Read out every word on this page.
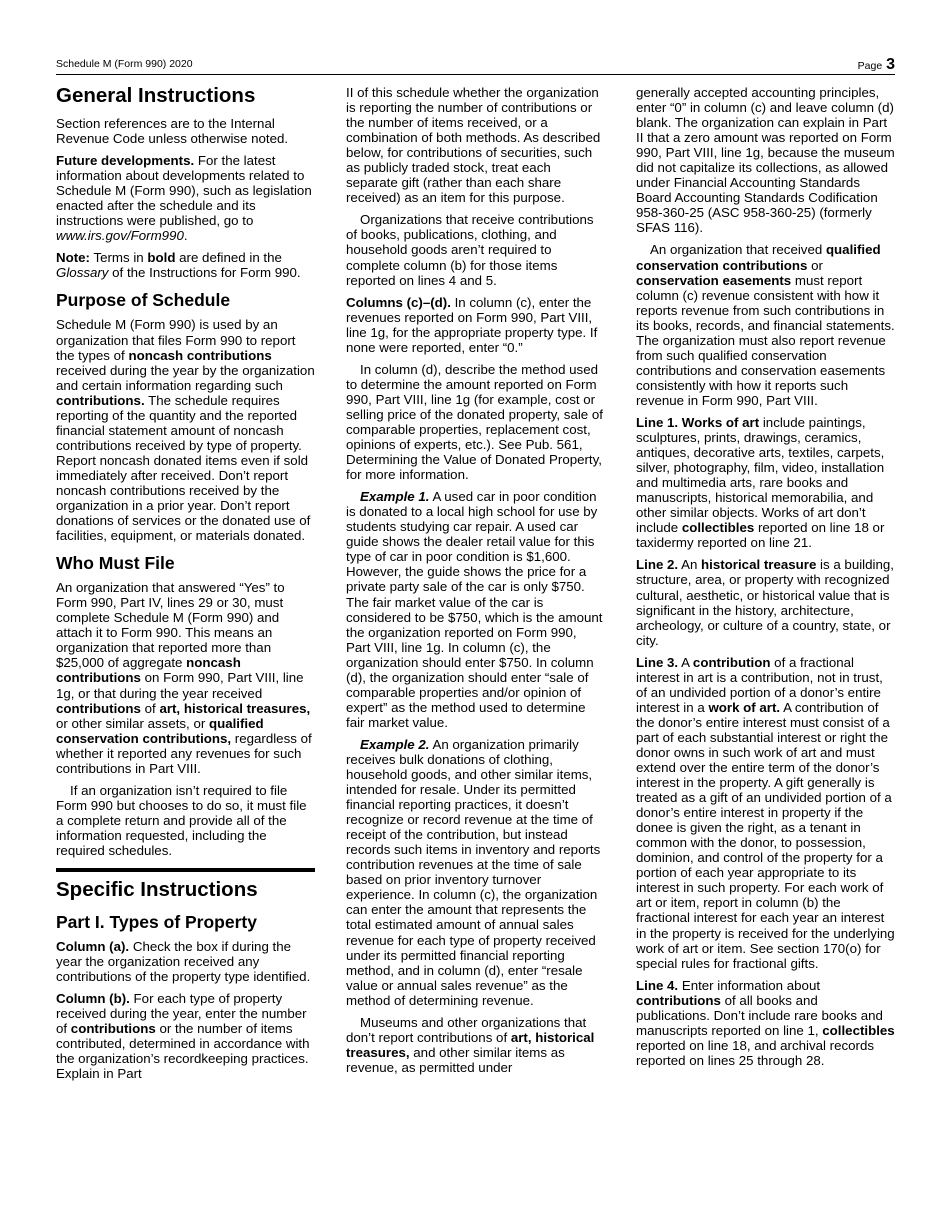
Schedule M (Form 990) 2020	Page 3
General Instructions

Section references are to the Internal Revenue Code unless otherwise noted.

Future developments. For the latest information about developments related to Schedule M (Form 990), such as legislation enacted after the schedule and its instructions were published, go to www.irs.gov/Form990.

Note: Terms in bold are defined in the Glossary of the Instructions for Form 990.

Purpose of Schedule

Schedule M (Form 990) is used by an organization that files Form 990 to report the types of noncash contributions received during the year by the organization and certain information regarding such contributions. The schedule requires reporting of the quantity and the reported financial statement amount of noncash contributions received by type of property. Report noncash donated items even if sold immediately after received. Don’t report noncash contributions received by the organization in a prior year. Don’t report donations of services or the donated use of facilities, equipment, or materials donated.

Who Must File

An organization that answered “Yes” to Form 990, Part IV, lines 29 or 30, must complete Schedule M (Form 990) and attach it to Form 990. This means an organization that reported more than $25,000 of aggregate noncash contributions on Form 990, Part VIII, line 1g, or that during the year received contributions of art, historical treasures, or other similar assets, or qualified conservation contributions, regardless of whether it reported any revenues for such contributions in Part VIII.

If an organization isn’t required to file Form 990 but chooses to do so, it must file a complete return and provide all of the information requested, including the required schedules.

Specific Instructions
Part I. Types of Property

Column (a). Check the box if during the year the organization received any contributions of the property type identified.

Column (b). For each type of property received during the year, enter the number of contributions or the number of items contributed, determined in accordance with the organization’s recordkeeping practices. Explain in Part

II of this schedule whether the organization is reporting the number of contributions or the number of items received, or a combination of both methods. As described below, for contributions of securities, such as publicly traded stock, treat each separate gift (rather than each share received) as an item for this purpose.

Organizations that receive contributions of books, publications, clothing, and household goods aren’t required to complete column (b) for those items reported on lines 4 and 5.

Columns (c)–(d). In column (c), enter the revenues reported on Form 990, Part VIII, line 1g, for the appropriate property type. If none were reported, enter “0.”

In column (d), describe the method used to determine the amount reported on Form 990, Part VIII, line 1g (for example, cost or selling price of the donated property, sale of comparable properties, replacement cost, opinions of experts, etc.). See Pub. 561, Determining the Value of Donated Property, for more information.

Example 1. A used car in poor condition is donated to a local high school for use by students studying car repair. A used car guide shows the dealer retail value for this type of car in poor condition is $1,600. However, the guide shows the price for a private party sale of the car is only $750. The fair market value of the car is considered to be $750, which is the amount the organization reported on Form 990, Part VIII, line 1g. In column (c), the organization should enter $750. In column (d), the organization should enter “sale of comparable properties and/or opinion of expert” as the method used to determine fair market value.

Example 2. An organization primarily receives bulk donations of clothing, household goods, and other similar items, intended for resale. Under its permitted financial reporting practices, it doesn’t recognize or record revenue at the time of receipt of the contribution, but instead records such items in inventory and reports contribution revenues at the time of sale based on prior inventory turnover experience. In column (c), the organization can enter the amount that represents the total estimated amount of annual sales revenue for each type of property received under its permitted financial reporting method, and in column (d), enter “resale value or annual sales revenue” as the method of determining revenue.

Museums and other organizations that don’t report contributions of art, historical treasures, and other similar items as revenue, as permitted under

generally accepted accounting principles, enter “0” in column (c) and leave column (d) blank. The organization can explain in Part II that a zero amount was reported on Form 990, Part VIII, line 1g, because the museum did not capitalize its collections, as allowed under Financial Accounting Standards Board Accounting Standards Codification 958-360-25 (ASC 958-360-25) (formerly SFAS 116).

An organization that received qualified conservation contributions or conservation easements must report column (c) revenue consistent with how it reports revenue from such contributions in its books, records, and financial statements. The organization must also report revenue from such qualified conservation contributions and conservation easements consistently with how it reports such revenue in Form 990, Part VIII.

Line 1. Works of art include paintings, sculptures, prints, drawings, ceramics, antiques, decorative arts, textiles, carpets, silver, photography, film, video, installation and multimedia arts, rare books and manuscripts, historical memorabilia, and other similar objects. Works of art don’t include collectibles reported on line 18 or taxidermy reported on line 21.

Line 2. An historical treasure is a building, structure, area, or property with recognized cultural, aesthetic, or historical value that is significant in the history, architecture, archeology, or culture of a country, state, or city.

Line 3. A contribution of a fractional interest in art is a contribution, not in trust, of an undivided portion of a donor’s entire interest in a work of art. A contribution of the donor’s entire interest must consist of a part of each substantial interest or right the donor owns in such work of art and must extend over the entire term of the donor’s interest in the property. A gift generally is treated as a gift of an undivided portion of a donor’s entire interest in property if the donee is given the right, as a tenant in common with the donor, to possession, dominion, and control of the property for a portion of each year appropriate to its interest in such property. For each work of art or item, report in column (b) the fractional interest for each year an interest in the property is received for the underlying work of art or item. See section 170(o) for special rules for fractional gifts.

Line 4. Enter information about contributions of all books and publications. Don’t include rare books and manuscripts reported on line 1, collectibles reported on line 18, and archival records reported on lines 25 through 28.
